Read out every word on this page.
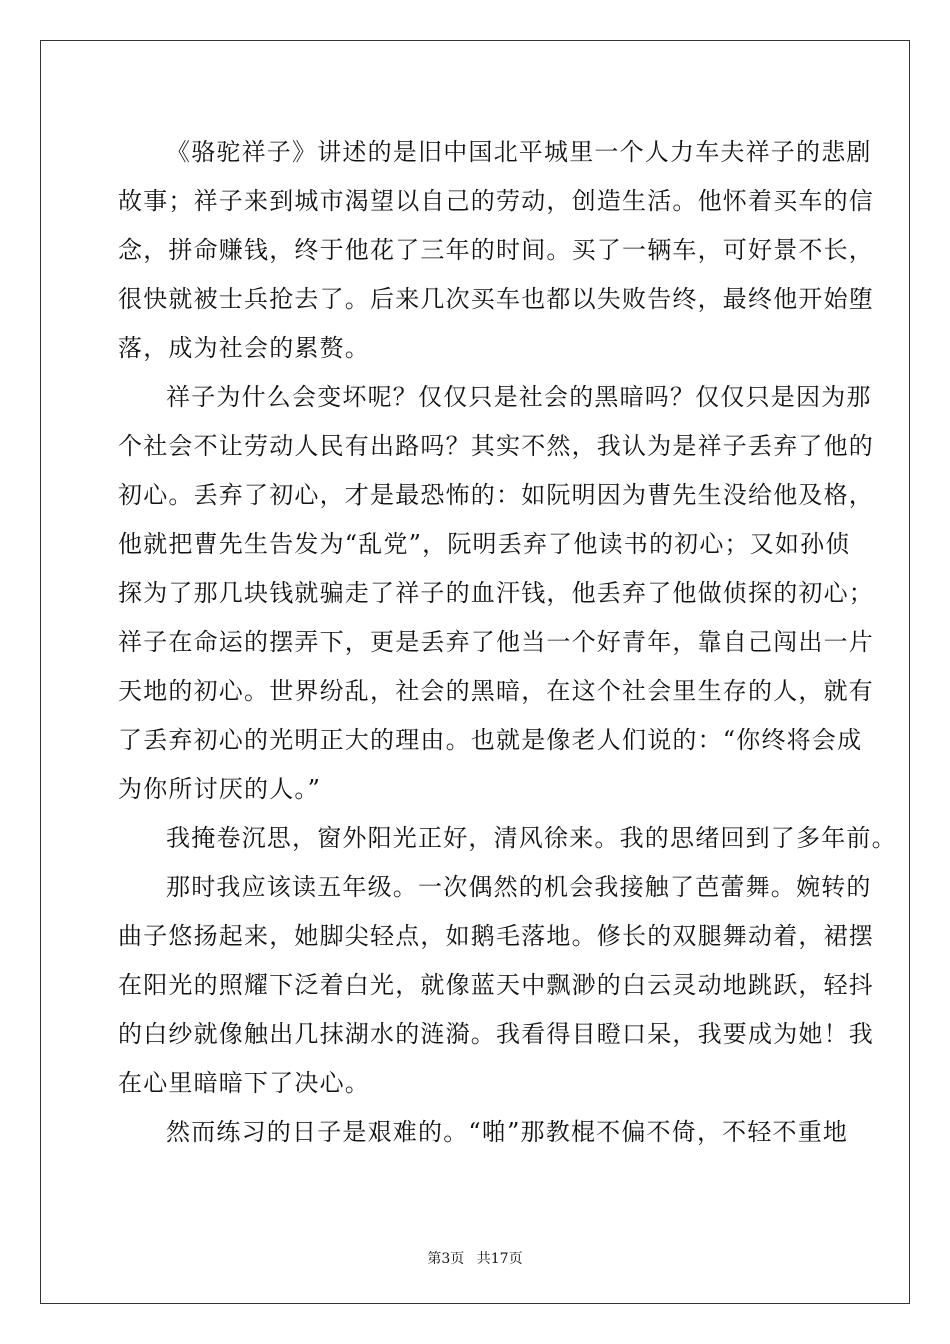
《骆驼祥子》讲述的是旧中国北平城里一个人力车夫祥子的悲剧
故事；祥子来到城市渴望以自己的劳动，创造生活。他怀着买车的信
念，拼命赚钱，终于他花了三年的时间。买了一辆车，可好景不长，
很快就被士兵抢去了。后来几次买车也都以失败告终，最终他开始堕
落，成为社会的累赘。
祥子为什么会变坏呢？仅仅只是社会的黑暗吗？仅仅只是因为那
个社会不让劳动人民有出路吗？其实不然，我认为是祥子丢弃了他的
初心。丢弃了初心，才是最恐怖的：如阮明因为曹先生没给他及格，
他就把曹先生告发为“乱党”，阮明丢弃了他读书的初心；又如孙侦
探为了那几块钱就骗走了祥子的血汗钱，他丢弃了他做侦探的初心；
祥子在命运的摆弄下，更是丢弃了他当一个好青年，靠自己闯出一片
天地的初心。世界纷乱，社会的黑暗，在这个社会里生存的人，就有
了丢弃初心的光明正大的理由。也就是像老人们说的：“你终将会成
为你所讨厌的人。”
我掩卷沉思，窗外阳光正好，清风徐来。我的思绪回到了多年前。
那时我应该读五年级。一次偶然的机会我接触了芭蕾舞。婉转的
曲子悠扬起来，她脚尖轻点，如鹅毛落地。修长的双腿舞动着，裙摆
在阳光的照耀下泛着白光，就像蓝天中飘渺的白云灵动地跳跃，轻抖
的白纱就像触出几抹湖水的涟漪。我看得目瞪口呆，我要成为她！我
在心里暗暗下了决心。
然而练习的日子是艰难的。“啪”那教棍不偏不倚，不轻不重地
第3页 共17页
